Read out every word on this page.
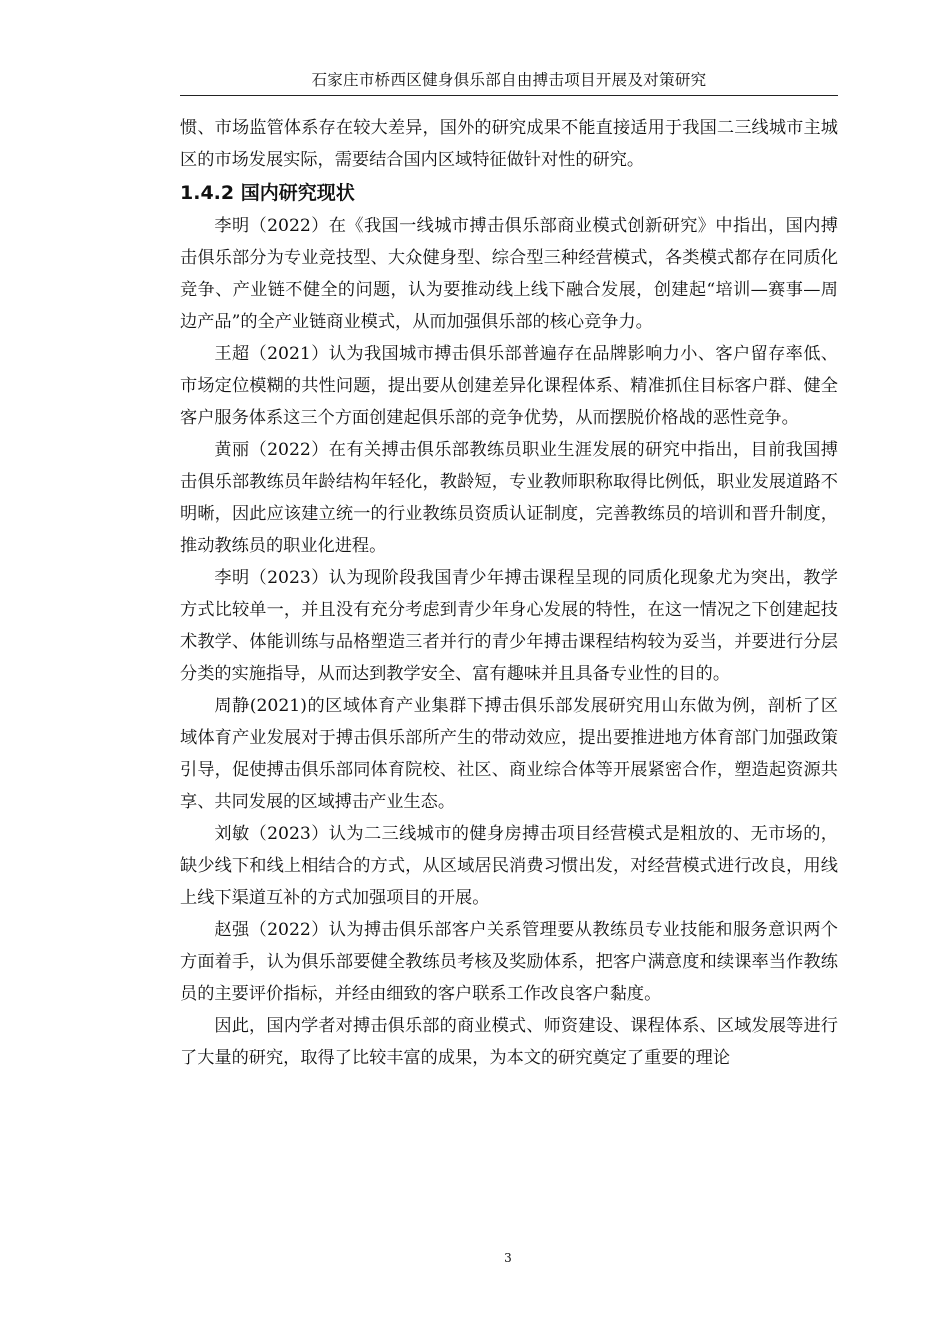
石家庄市桥西区健身俱乐部自由搏击项目开展及对策研究

惯、市场监管体系存在较大差异，国外的研究成果不能直接适用于我国二三线城市主城区的市场发展实际，需要结合国内区域特征做针对性的研究。

1.4.2 国内研究现状

李明（2022）在《我国一线城市搏击俱乐部商业模式创新研究》中指出，国内搏击俱乐部分为专业竞技型、大众健身型、综合型三种经营模式，各类模式都存在同质化竞争、产业链不健全的问题，认为要推动线上线下融合发展，创建起“培训—赛事—周边产品”的全产业链商业模式，从而加强俱乐部的核心竞争力。

王超（2021）认为我国城市搏击俱乐部普遍存在品牌影响力小、客户留存率低、市场定位模糊的共性问题，提出要从创建差异化课程体系、精准抓住目标客户群、健全客户服务体系这三个方面创建起俱乐部的竞争优势，从而摆脱价格战的恶性竞争。

黄丽（2022）在有关搏击俱乐部教练员职业生涯发展的研究中指出，目前我国搏击俱乐部教练员年龄结构年轻化，教龄短，专业教师职称取得比例低，职业发展道路不明晰，因此应该建立统一的行业教练员资质认证制度，完善教练员的培训和晋升制度，推动教练员的职业化进程。

李明（2023）认为现阶段我国青少年搏击课程呈现的同质化现象尤为突出，教学方式比较单一，并且没有充分考虑到青少年身心发展的特性，在这一情况之下创建起技术教学、体能训练与品格塑造三者并行的青少年搏击课程结构较为妥当，并要进行分层分类的实施指导，从而达到教学安全、富有趣味并且具备专业性的目的。

周静(2021)的区域体育产业集群下搏击俱乐部发展研究用山东做为例，剖析了区域体育产业发展对于搏击俱乐部所产生的带动效应，提出要推进地方体育部门加强政策引导，促使搏击俱乐部同体育院校、社区、商业综合体等开展紧密合作，塑造起资源共享、共同发展的区域搏击产业生态。

刘敏（2023）认为二三线城市的健身房搏击项目经营模式是粗放的、无市场的，缺少线下和线上相结合的方式，从区域居民消费习惯出发，对经营模式进行改良，用线上线下渠道互补的方式加强项目的开展。

赵强（2022）认为搏击俱乐部客户关系管理要从教练员专业技能和服务意识两个方面着手，认为俱乐部要健全教练员考核及奖励体系，把客户满意度和续课率当作教练员的主要评价指标，并经由细致的客户联系工作改良客户黏度。

因此，国内学者对搏击俱乐部的商业模式、师资建设、课程体系、区域发展等进行了大量的研究，取得了比较丰富的成果，为本文的研究奠定了重要的理论

3
